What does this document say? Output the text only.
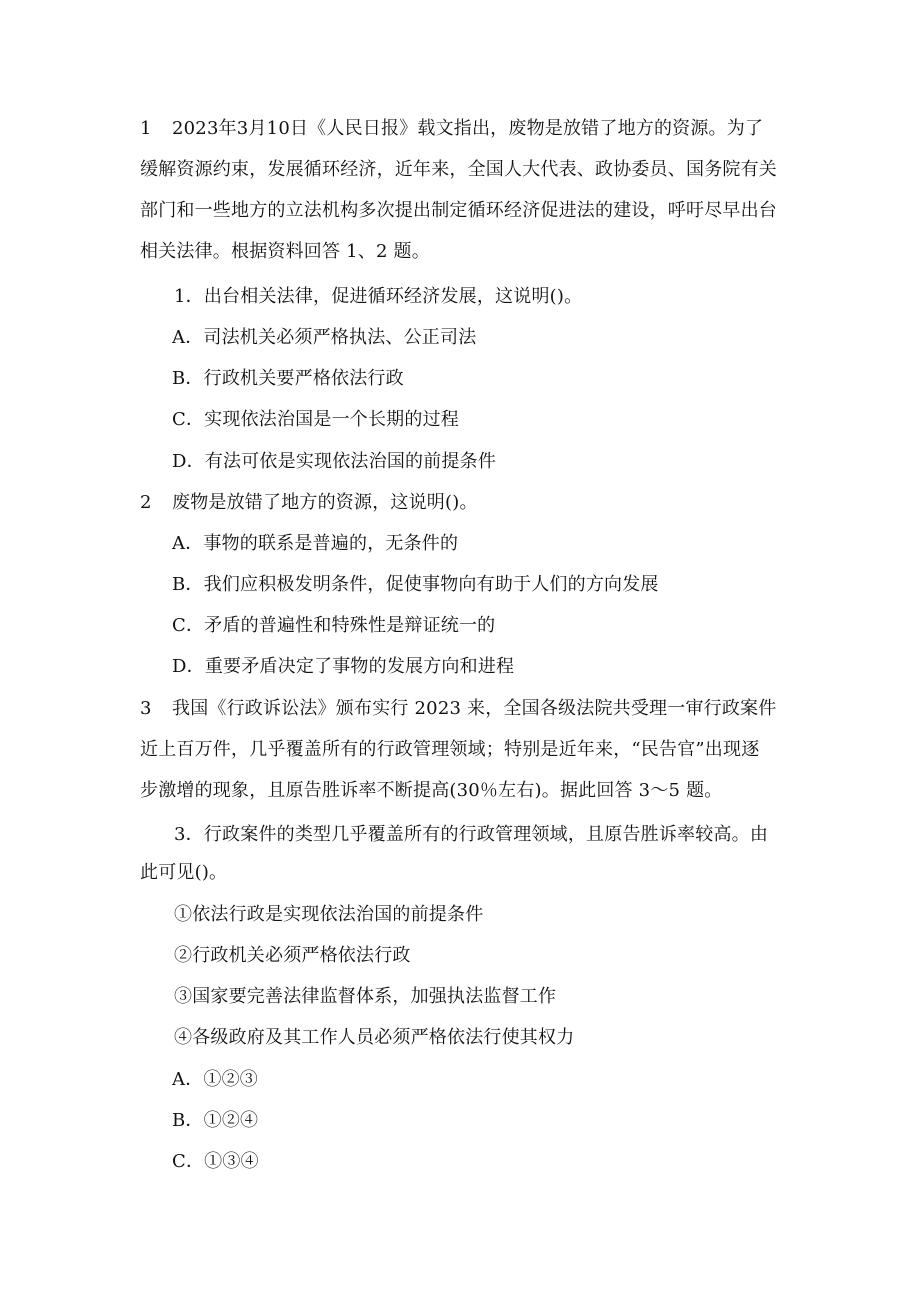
1 2023年3月10日《人民日报》载文指出，废物是放错了地方的资源。为了
缓解资源约束，发展循环经济，近年来，全国人大代表、政协委员、国务院有关
部门和一些地方的立法机构多次提出制定循环经济促进法的建设，呼吁尽早出台
相关法律。根据资料回答 1、2 题。
1．出台相关法律，促进循环经济发展，这说明()。
A．司法机关必须严格执法、公正司法
B．行政机关要严格依法行政
C．实现依法治国是一个长期的过程
D．有法可依是实现依法治国的前提条件
2 废物是放错了地方的资源，这说明()。
A．事物的联系是普遍的，无条件的
B．我们应积极发明条件，促使事物向有助于人们的方向发展
C．矛盾的普遍性和特殊性是辩证统一的
D．重要矛盾决定了事物的发展方向和进程
3 我国《行政诉讼法》颁布实行 2023 来，全国各级法院共受理一审行政案件
近上百万件，几乎覆盖所有的行政管理领域；特别是近年来，“民告官”出现逐
步激增的现象，且原告胜诉率不断提高(30％左右)。据此回答 3～5 题。
3．行政案件的类型几乎覆盖所有的行政管理领域，且原告胜诉率较高。由
此可见()。
①依法行政是实现依法治国的前提条件
②行政机关必须严格依法行政
③国家要完善法律监督体系，加强执法监督工作
④各级政府及其工作人员必须严格依法行使其权力
A．①②③
B．①②④
C．①③④
